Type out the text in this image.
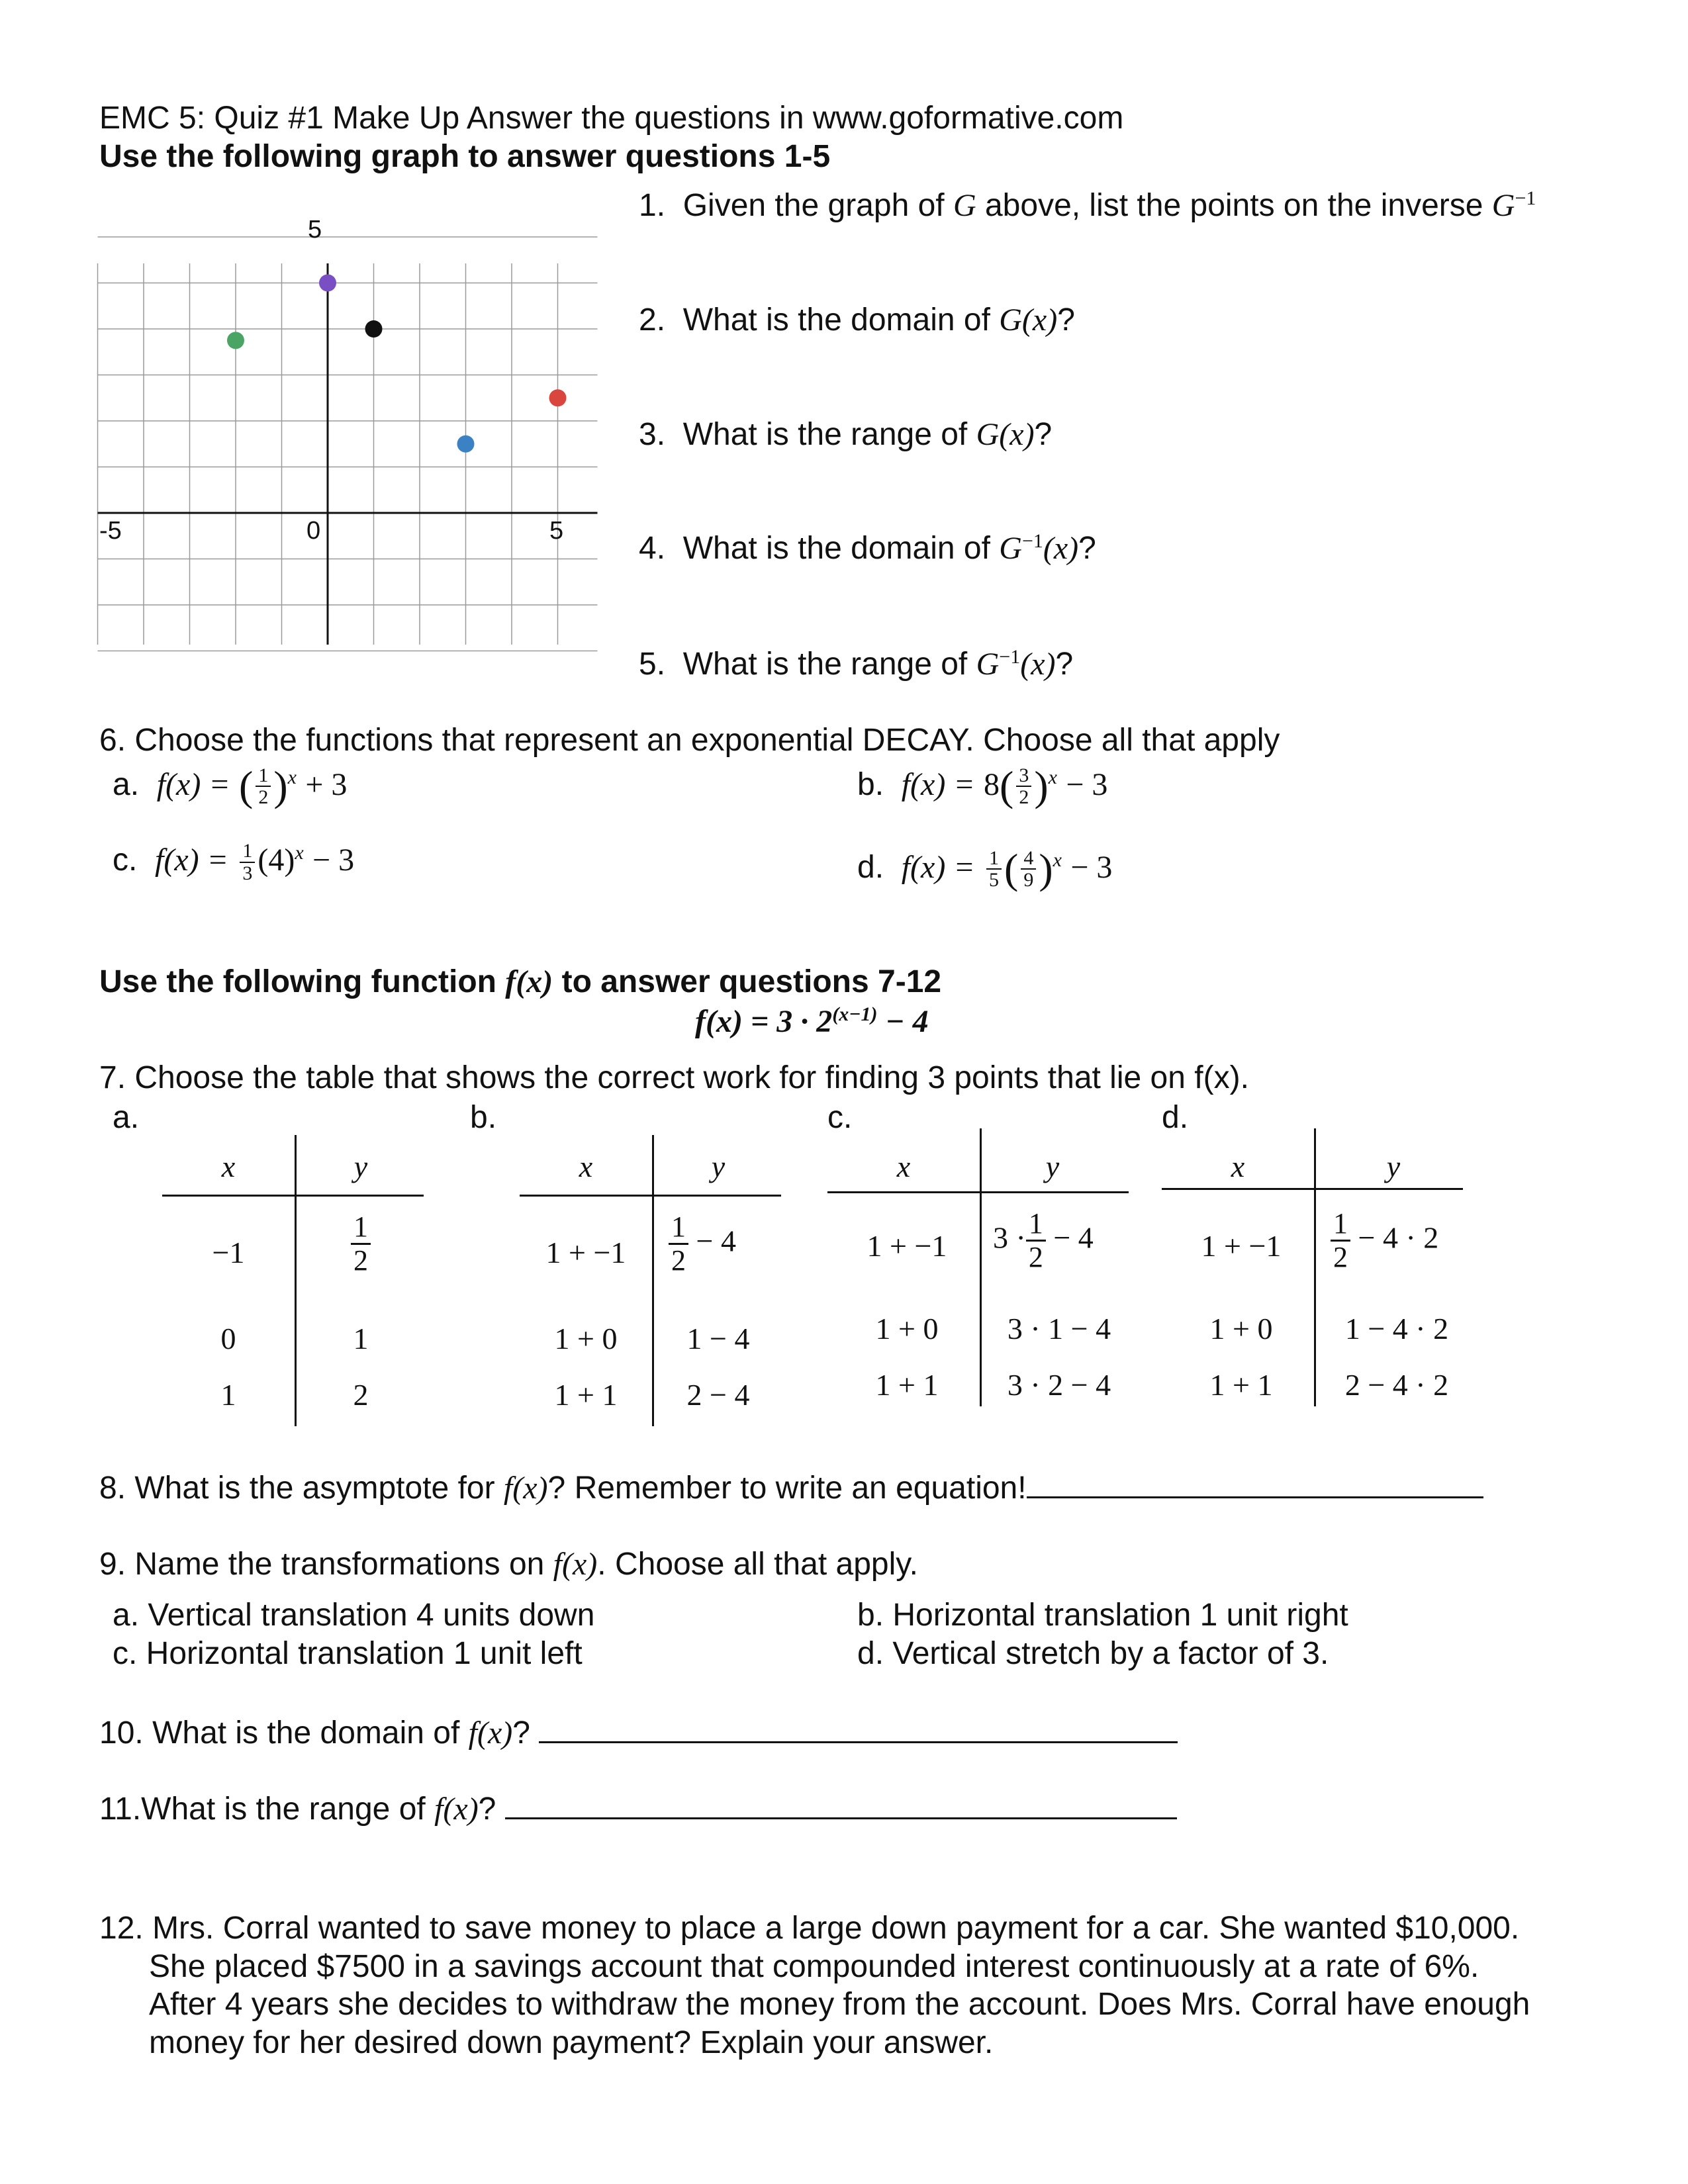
EMC 5: Quiz #1 Make Up Answer the questions in www.goformative.com
Use the following graph to answer questions 1-5
-5	0	5
5
1. Given the graph of G above, list the points on the inverse $G^{-1}$
2. What is the domain of G(x)?
3. What is the range of G(x)?
4. What is the domain of $G^{-1}(x)$?
5. What is the range of $G^{-1}(x)$?
6. Choose the functions that represent an exponential DECAY. Choose all that apply
a. f(x) = ( $\frac{1}{2} )^x + 3$	b. $f(x) = 8( \frac{3}{2} )^x - 3$
c. $f(x) = \frac{1}{3} (4)^x - 3$	d. $f(x) = \frac{1}{5}$ ( $\frac{4}{9} )^x - 3$
Use the following function f(x) to answer questions 7-12
$f(x) = 3 \cdot 2^{(x-1)} - 4$
7. Choose the table that shows the correct work for finding 3 points that lie on f(x).
a.	b.	c.	d.
x	y
−1	$\frac{1}{2}$
0	1
1	2
x	y
1 + −1	$\frac{1}{2} - 4$
1 + 0	1 − 4
1 + 1	2 − 4
x	y
1 + −1	$3 \cdot \frac{1}{2} - 4$
1 + 0	3 · 1 − 4
1 + 1	3 · 2 − 4
x	y
1 + −1	$\frac{1}{2} - 4 \cdot 2$
1 + 0	1 − 4 · 2
1 + 1	2 − 4 · 2
8. What is the asymptote for f(x)? Remember to write an equation!
9. Name the transformations on f(x). Choose all that apply.
a. Vertical translation 4 units down	b. Horizontal translation 1 unit right
c. Horizontal translation 1 unit left	d. Vertical stretch by a factor of 3.
10. What is the domain of f(x)?
11.What is the range of f(x)?
12. Mrs. Corral wanted to save money to place a large down payment for a car. She wanted $10,000.
She placed $7500 in a savings account that compounded interest continuously at a rate of 6%.
After 4 years she decides to withdraw the money from the account. Does Mrs. Corral have enough
money for her desired down payment? Explain your answer.
